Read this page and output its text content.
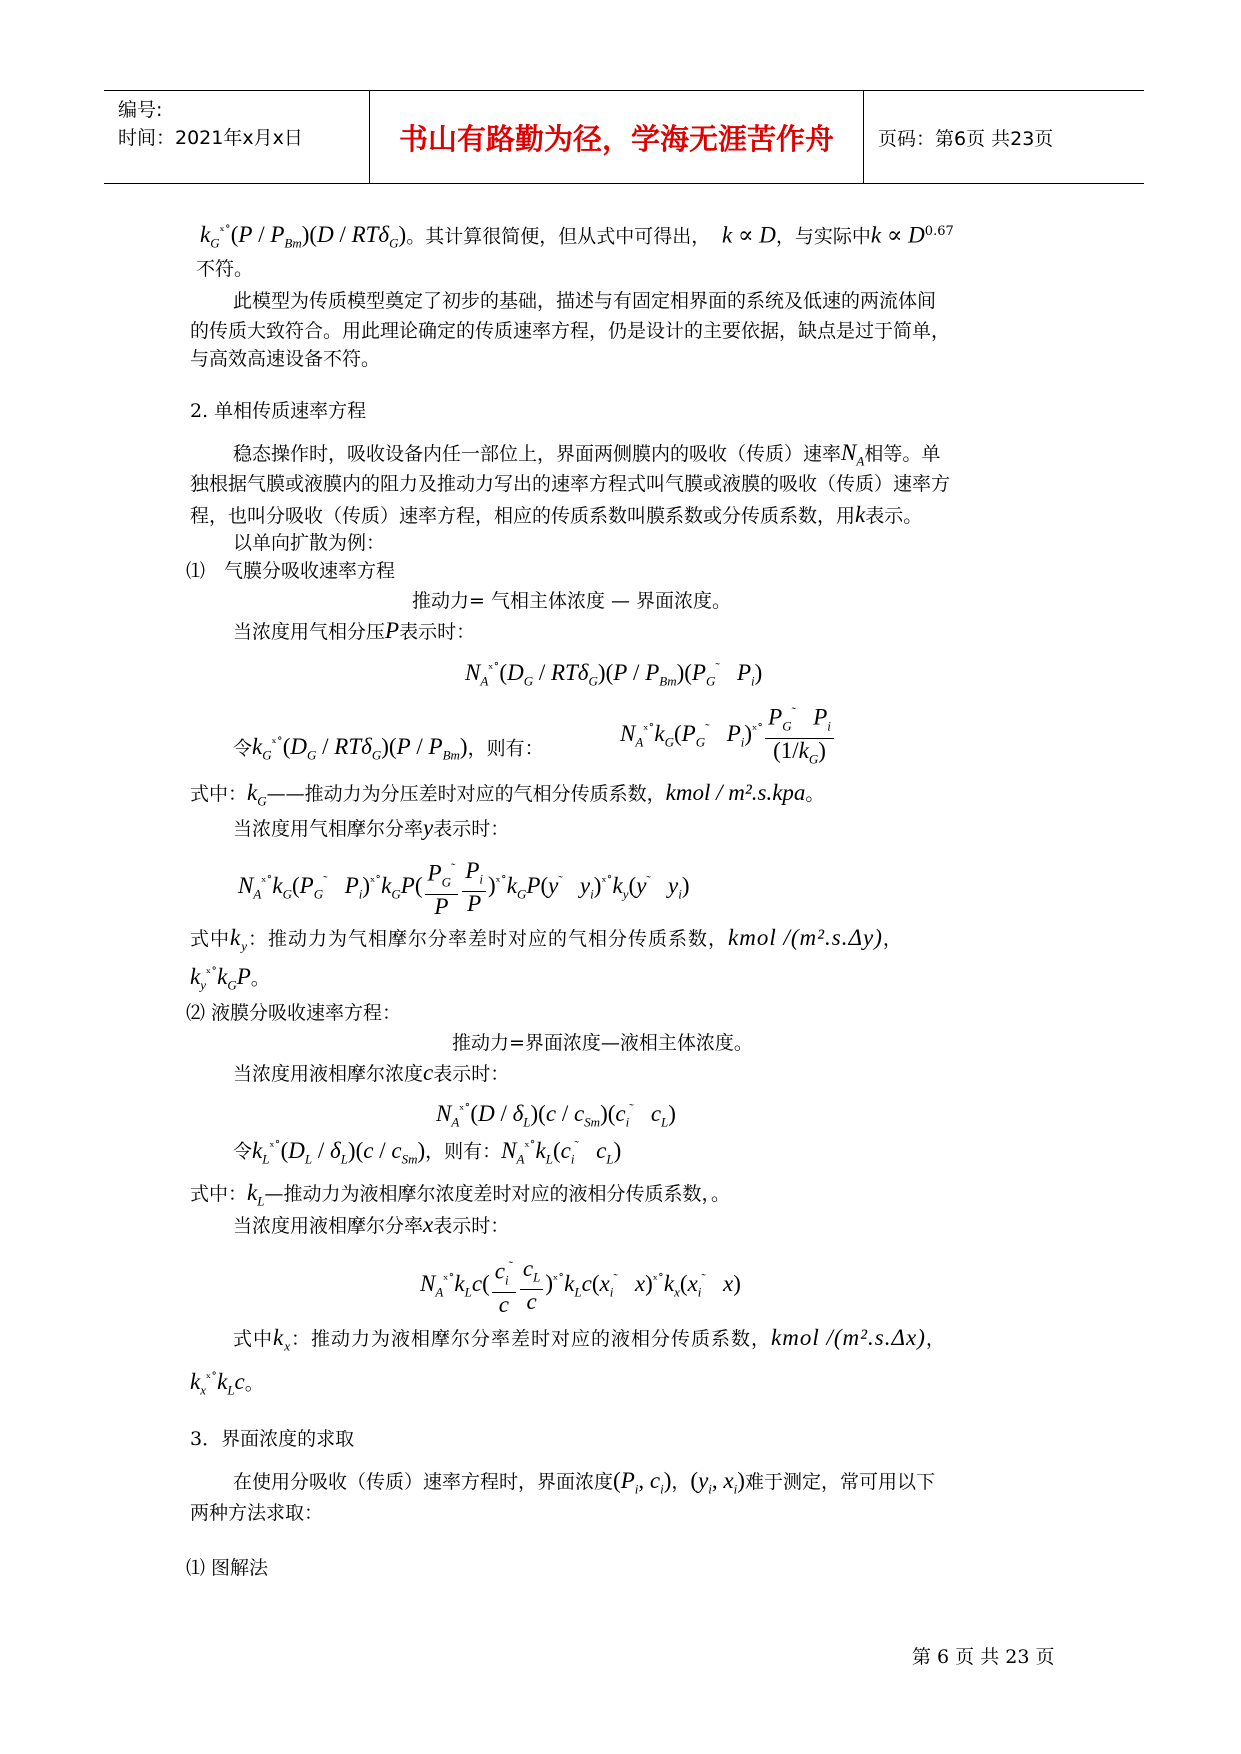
编号:
时间：2021年x月x日	书山有路勤为径，学海无涯苦作舟	页码：第6页 共23页
$k_G^{ˣ˚}(P / P_{Bm})(D / RT\delta_G)$。其计算很简便，但从式中可得出，  k ∝ D，与实际中$k \propto D^{0.67}$
不符。
此模型为传质模型奠定了初步的基础，描述与有固定相界面的系统及低速的两流体间
的传质大致符合。用此理论确定的传质速率方程，仍是设计的主要依据，缺点是过于简单，
与高效高速设备不符。
2. 单相传质速率方程
稳态操作时，吸收设备内任一部位上，界面两侧膜内的吸收（传质）速率$N_A$相等。单
独根据气膜或液膜内的阻力及推动力写出的速率方程式叫气膜或液膜的吸收（传质）速率方
程，也叫分吸收（传质）速率方程，相应的传质系数叫膜系数或分传质系数，用k表示。
以单向扩散为例：
⑴　气膜分吸收速率方程
推动力= 气相主体浓度 — 界面浓度。
当浓度用气相分压P表示时：
$N_A^{ˣ˚}(D_G / RT\delta_G)(P / P_{Bm})(P_G^˜$ $P_i$)
令$k_G^{ˣ˚}(D_G / RT\delta_G)(P / P_{Bm})$，则有：
$N_A^{ˣ˚}k_G(P_G^˜$ $P_i)^{ˣ˚} \frac{P_G^˜ P_i}{(1/k_G)}$
式中：$k_G——$推动力为分压差时对应的气相分传质系数，kmol / m².s.kpa。
当浓度用气相摩尔分率y表示时：
$N_A^{ˣ˚}k_G(P_G^˜$ $P_i)^{ˣ˚}k_GP( \frac{P_G^˜}{P} \frac{P_i}{P} )^{ˣ˚}k_GP(y^˜$ $y_i)^{ˣ˚}k_y(y^˜$ $y_i$)
式中$k_y$：推动力为气相摩尔分率差时对应的气相分传质系数，kmol /(m².s.Δy)，
$k_y^{ˣ˚}k_GP$。
⑵ 液膜分吸收速率方程：
推动力=界面浓度—液相主体浓度。
当浓度用液相摩尔浓度c表示时：
$N_A^{ˣ˚}(D / \delta_L)(c / c_{Sm})(c_i^˜$ $c_L$)
令$k_L^{ˣ˚}(D_L / \delta_L)(c / c_{Sm})$，则有：$N_A^{ˣ˚}k_L(c_i^˜$ $c_L$)
式中：$k_L—$推动力为液相摩尔浓度差时对应的液相分传质系数，。
当浓度用液相摩尔分率x表示时：
$N_A^{ˣ˚}k_Lc( \frac{c_i^˜}{c} \frac{c_L}{c} )^{ˣ˚}k_Lc(x_i^˜$ $x)^{ˣ˚}k_x(x_i^˜$ x)
式中$k_x$：推动力为液相摩尔分率差时对应的液相分传质系数，kmol /(m².s.Δx)，
$k_x^{ˣ˚}k_Lc$。
3．界面浓度的求取
在使用分吸收（传质）速率方程时，界面浓度($P_i$, $c_i$)，($y_i$, $x_i$)难于测定，常可用以下
两种方法求取：
⑴ 图解法
第 6 页 共 23 页
